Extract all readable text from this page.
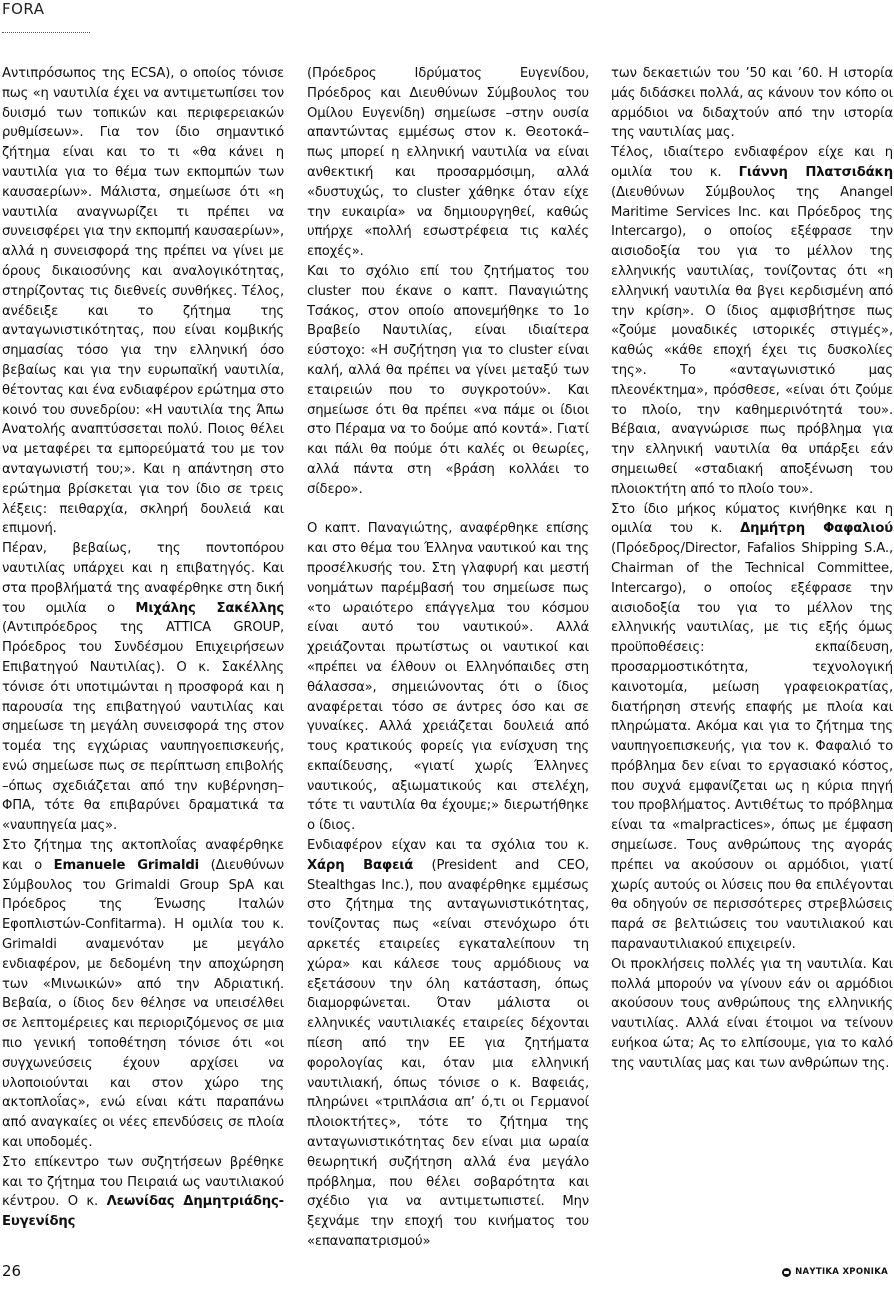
FORA

Αντιπρόσωπος της ECSA), ο οποίος τόνισε πως «η ναυτιλία έχει να αντιμετωπίσει τον δυισμό των τοπικών και περιφερειακών ρυθμίσεων». Για τον ίδιο σημαντικό ζήτημα είναι και το τι «θα κάνει η ναυτιλία για το θέμα των εκπομπών των καυσαερίων». Μάλιστα, σημείωσε ότι «η ναυτιλία αναγνωρίζει τι πρέπει να συνεισφέρει για την εκπομπή καυσαερίων», αλλά η συνεισφορά της πρέπει να γίνει με όρους δικαιοσύνης και αναλογικότητας, στηρίζοντας τις διεθνείς συνθήκες. Τέλος, ανέδειξε και το ζήτημα της ανταγωνιστικότητας, που είναι κομβικής σημασίας τόσο για την ελληνική όσο βεβαίως και για την ευρωπαϊκή ναυτιλία, θέτοντας και ένα ενδιαφέρον ερώτημα στο κοινό του συνεδρίου: «Η ναυτιλία της Άπω Ανατολής αναπτύσσεται πολύ. Ποιος θέλει να μεταφέρει τα εμπορεύματά του με τον ανταγωνιστή του;». Και η απάντηση στο ερώτημα βρίσκεται για τον ίδιο σε τρεις λέξεις: πειθαρχία, σκληρή δουλειά και επιμονή.

Πέραν, βεβαίως, της ποντοπόρου ναυτιλίας υπάρχει και η επιβατηγός. Και στα προβλήματά της αναφέρθηκε στη δική του ομιλία ο Μιχάλης Σακέλλης (Αντιπρόεδρος της ATTICA GROUP, Πρόεδρος του Συνδέσμου Επιχειρήσεων Επιβατηγού Ναυτιλίας). Ο κ. Σακέλλης τόνισε ότι υποτιμώνται η προσφορά και η παρουσία της επιβατηγού ναυτιλίας και σημείωσε τη μεγάλη συνεισφορά της στον τομέα της εγχώριας ναυπηγοεπισκευής, ενώ σημείωσε πως σε περίπτωση επιβολής –όπως σχεδιάζεται από την κυβέρνηση– ΦΠΑ, τότε θα επιβαρύνει δραματικά τα «ναυπηγεία μας».

Στο ζήτημα της ακτοπλοΐας αναφέρθηκε και ο Emanuele Grimaldi (Διευθύνων Σύμβουλος του Grimaldi Group SpA και Πρόεδρος της Ένωσης Ιταλών Εφοπλιστών-Confitarma). Η ομιλία του κ. Grimaldi αναμενόταν με μεγάλο ενδιαφέρον, με δεδομένη την αποχώρηση των «Μινωικών» από την Αδριατική. Βεβαία, ο ίδιος δεν θέλησε να υπεισέλθει σε λεπτομέρειες και περιοριζόμενος σε μια πιο γενική τοποθέτηση τόνισε ότι «οι συγχωνεύσεις έχουν αρχίσει να υλοποιούνται και στον χώρο της ακτοπλοΐας», ενώ είναι κάτι παραπάνω από αναγκαίες οι νέες επενδύσεις σε πλοία και υποδομές.

Στο επίκεντρο των συζητήσεων βρέθηκε και το ζήτημα του Πειραιά ως ναυτιλιακού κέντρου. Ο κ. Λεωνίδας Δημητριάδης-Ευγενίδης

(Πρόεδρος Ιδρύματος Ευγενίδου, Πρόεδρος και Διευθύνων Σύμβουλος του Ομίλου Ευγενίδη) σημείωσε –στην ουσία απαντώντας εμμέσως στον κ. Θεοτοκά– πως μπορεί η ελληνική ναυτιλία να είναι ανθεκτική και προσαρμόσιμη, αλλά «δυστυχώς, το cluster χάθηκε όταν είχε την ευκαιρία» να δημιουργηθεί, καθώς υπήρχε «πολλή εσωστρέφεια τις καλές εποχές».

Και το σχόλιο επί του ζητήματος του cluster που έκανε ο καπτ. Παναγιώτης Τσάκος, στον οποίο απονεμήθηκε το 1ο Βραβείο Ναυτιλίας, είναι ιδιαίτερα εύστοχο: «Η συζήτηση για το cluster είναι καλή, αλλά θα πρέπει να γίνει μεταξύ των εταιρειών που το συγκροτούν». Και σημείωσε ότι θα πρέπει «να πάμε οι ίδιοι στο Πέραμα να το δούμε από κοντά». Γιατί και πάλι θα πούμε ότι καλές οι θεωρίες, αλλά πάντα στη «βράση κολλάει το σίδερο».

Ο καπτ. Παναγιώτης, αναφέρθηκε επίσης και στο θέμα του Έλληνα ναυτικού και της προσέλκυσής του. Στη γλαφυρή και μεστή νοημάτων παρέμβασή του σημείωσε πως «το ωραιότερο επάγγελμα του κόσμου είναι αυτό του ναυτικού». Αλλά χρειάζονται πρωτίστως οι ναυτικοί και «πρέπει να έλθουν οι Ελληνόπαιδες στη θάλασσα», σημειώνοντας ότι ο ίδιος αναφέρεται τόσο σε άντρες όσο και σε γυναίκες. Αλλά χρειάζεται δουλειά από τους κρατικούς φορείς για ενίσχυση της εκπαίδευσης, «γιατί χωρίς Έλληνες ναυτικούς, αξιωματικούς και στελέχη, τότε τι ναυτιλία θα έχουμε;» διερωτήθηκε ο ίδιος.

Ενδιαφέρον είχαν και τα σχόλια του κ. Χάρη Βαφειά (President and CEO, Stealthgas Inc.), που αναφέρθηκε εμμέσως στο ζήτημα της ανταγωνιστικότητας, τονίζοντας πως «είναι στενόχωρο ότι αρκετές εταιρείες εγκαταλείπουν τη χώρα» και κάλεσε τους αρμόδιους να εξετάσουν την όλη κατάσταση, όπως διαμορφώνεται. Όταν μάλιστα οι ελληνικές ναυτιλιακές εταιρείες δέχονται πίεση από την ΕΕ για ζητήματα φορολογίας και, όταν μια ελληνική ναυτιλιακή, όπως τόνισε ο κ. Βαφειάς, πληρώνει «τριπλάσια απ’ ό,τι οι Γερμανοί πλοιοκτήτες», τότε το ζήτημα της ανταγωνιστικότητας δεν είναι μια ωραία θεωρητική συζήτηση αλλά ένα μεγάλο πρόβλημα, που θέλει σοβαρότητα και σχέδιο για να αντιμετωπιστεί. Μην ξεχνάμε την εποχή του κινήματος του «επαναπατρισμού»

των δεκαετιών του ’50 και ’60. Η ιστορία μάς διδάσκει πολλά, ας κάνουν τον κόπο οι αρμόδιοι να διδαχτούν από την ιστορία της ναυτιλίας μας.

Τέλος, ιδιαίτερο ενδιαφέρον είχε και η ομιλία του κ. Γιάννη Πλατσιδάκη (Διευθύνων Σύμβουλος της Anangel Maritime Services Inc. και Πρόεδρος της Intercargo), ο οποίος εξέφρασε την αισιοδοξία του για το μέλλον της ελληνικής ναυτιλίας, τονίζοντας ότι «η ελληνική ναυτιλία θα βγει κερδισμένη από την κρίση». Ο ίδιος αμφισβήτησε πως «ζούμε μοναδικές ιστορικές στιγμές», καθώς «κάθε εποχή έχει τις δυσκολίες της». Το «ανταγωνιστικό μας πλεονέκτημα», πρόσθεσε, «είναι ότι ζούμε το πλοίο, την καθημερινότητά του». Βέβαια, αναγνώρισε πως πρόβλημα για την ελληνική ναυτιλία θα υπάρξει εάν σημειωθεί «σταδιακή αποξένωση του πλοιοκτήτη από το πλοίο του».

Στο ίδιο μήκος κύματος κινήθηκε και η ομιλία του κ. Δημήτρη Φαφαλιού (Πρόεδρος/Director, Fafalios Shipping S.A., Chairman of the Technical Committee, Intercargo), ο οποίος εξέφρασε την αισιοδοξία του για το μέλλον της ελληνικής ναυτιλίας, με τις εξής όμως προϋποθέσεις: εκπαίδευση, προσαρμοστικότητα, τεχνολογική καινοτομία, μείωση γραφειοκρατίας, διατήρηση στενής επαφής με πλοία και πληρώματα. Ακόμα και για το ζήτημα της ναυπηγοεπισκευής, για τον κ. Φαφαλιό το πρόβλημα δεν είναι το εργασιακό κόστος, που συχνά εμφανίζεται ως η κύρια πηγή του προβλήματος. Αντιθέτως το πρόβλημα είναι τα «malpractices», όπως με έμφαση σημείωσε. Τους ανθρώπους της αγοράς πρέπει να ακούσουν οι αρμόδιοι, γιατί χωρίς αυτούς οι λύσεις που θα επιλέγονται θα οδηγούν σε περισσότερες στρεβλώσεις παρά σε βελτιώσεις του ναυτιλιακού και παραναυτιλιακού επιχειρείν.

Οι προκλήσεις πολλές για τη ναυτιλία. Και πολλά μπορούν να γίνουν εάν οι αρμόδιοι ακούσουν τους ανθρώπους της ελληνικής ναυτιλίας. Αλλά είναι έτοιμοι να τείνουν ευήκοα ώτα; Ας το ελπίσουμε, για το καλό της ναυτιλίας μας και των ανθρώπων της.

26	ΝΑΥΤΙΚΑ ΧΡΟΝΙΚΑ
